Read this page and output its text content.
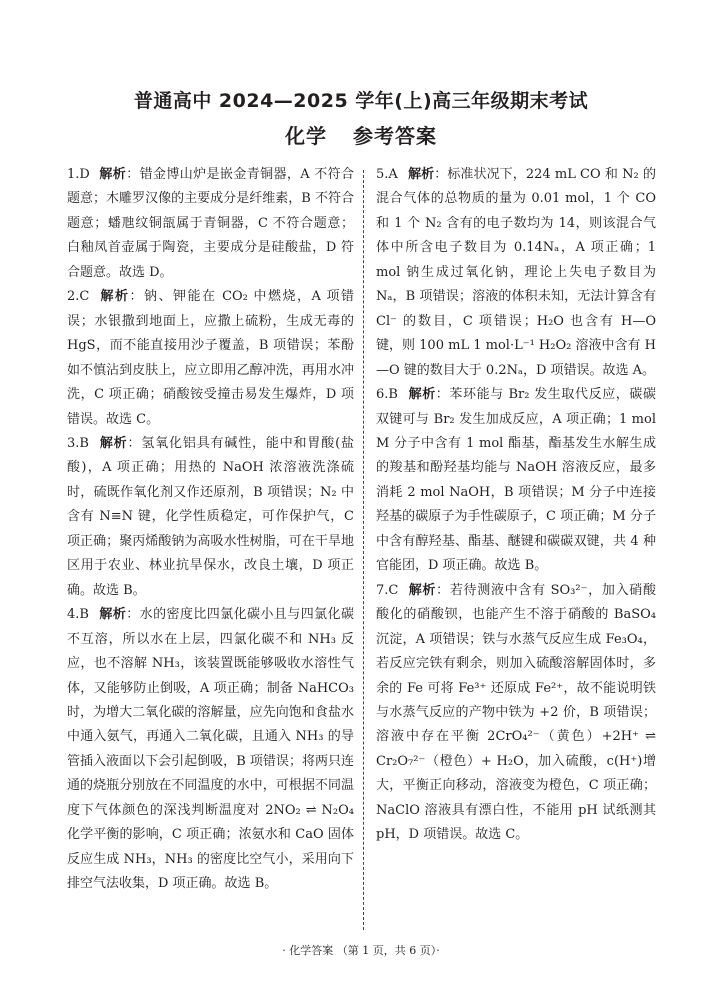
普通高中 2024—2025 学年(上)高三年级期末考试
化学 参考答案

1.D 解析：错金博山炉是嵌金青铜器，A 不符合题意；木雕罗汉像的主要成分是纤维素，B 不符合题意；蟠虺纹铜瓿属于青铜器，C 不符合题意；白釉凤首壶属于陶瓷，主要成分是硅酸盐，D 符合题意。故选 D。

2.C 解析：钠、钾能在 CO₂ 中燃烧，A 项错误；水银撒到地面上，应撒上硫粉，生成无毒的 HgS，而不能直接用沙子覆盖，B 项错误；苯酚如不慎沾到皮肤上，应立即用乙醇冲洗，再用水冲洗，C 项正确；硝酸铵受撞击易发生爆炸，D 项错误。故选 C。

3.B 解析：氢氧化铝具有碱性，能中和胃酸(盐酸)，A 项正确；用热的 NaOH 浓溶液洗涤硫时，硫既作氧化剂又作还原剂，B 项错误；N₂ 中含有 N≡N 键，化学性质稳定，可作保护气，C 项正确；聚丙烯酸钠为高吸水性树脂，可在干旱地区用于农业、林业抗旱保水，改良土壤，D 项正确。故选 B。

4.B 解析：水的密度比四氯化碳小且与四氯化碳不互溶，所以水在上层，四氯化碳不和 NH₃ 反应，也不溶解 NH₃，该装置既能够吸收水溶性气体，又能够防止倒吸，A 项正确；制备 NaHCO₃ 时，为增大二氧化碳的溶解量，应先向饱和食盐水中通入氨气，再通入二氧化碳，且通入 NH₃ 的导管插入液面以下会引起倒吸，B 项错误；将两只连通的烧瓶分别放在不同温度的水中，可根据不同温度下气体颜色的深浅判断温度对 2NO₂ ⇌ N₂O₄ 化学平衡的影响，C 项正确；浓氨水和 CaO 固体反应生成 NH₃，NH₃ 的密度比空气小，采用向下排空气法收集，D 项正确。故选 B。

5.A 解析：标准状况下，224 mL CO 和 N₂ 的混合气体的总物质的量为 0.01 mol，1 个 CO 和 1 个 N₂ 含有的电子数均为 14，则该混合气体中所含电子数目为 0.14Nₐ，A 项正确；1 mol 钠生成过氧化钠，理论上失电子数目为 Nₐ，B 项错误；溶液的体积未知，无法计算含有 Cl⁻ 的数目，C 项错误；H₂O 也含有 H—O 键，则 100 mL 1 mol·L⁻¹ H₂O₂ 溶液中含有 H—O 键的数目大于 0.2Nₐ，D 项错误。故选 A。

6.B 解析：苯环能与 Br₂ 发生取代反应，碳碳双键可与 Br₂ 发生加成反应，A 项正确；1 mol M 分子中含有 1 mol 酯基，酯基发生水解生成的羧基和酚羟基均能与 NaOH 溶液反应，最多消耗 2 mol NaOH，B 项错误；M 分子中连接羟基的碳原子为手性碳原子，C 项正确；M 分子中含有醇羟基、酯基、醚键和碳碳双键，共 4 种官能团，D 项正确。故选 B。

7.C 解析：若待测液中含有 SO₃²⁻，加入硝酸酸化的硝酸钡，也能产生不溶于硝酸的 BaSO₄ 沉淀，A 项错误；铁与水蒸气反应生成 Fe₃O₄，若反应完铁有剩余，则加入硫酸溶解固体时，多余的 Fe 可将 Fe³⁺ 还原成 Fe²⁺，故不能说明铁与水蒸气反应的产物中铁为 +2 价，B 项错误；溶液中存在平衡 2CrO₄²⁻（黄色）+2H⁺ ⇌ Cr₂O₇²⁻（橙色）+ H₂O，加入硫酸，c(H⁺)增大，平衡正向移动，溶液变为橙色，C 项正确；NaClO 溶液具有漂白性，不能用 pH 试纸测其 pH，D 项错误。故选 C。

· 化学答案 （第 1 页，共 6 页）·
